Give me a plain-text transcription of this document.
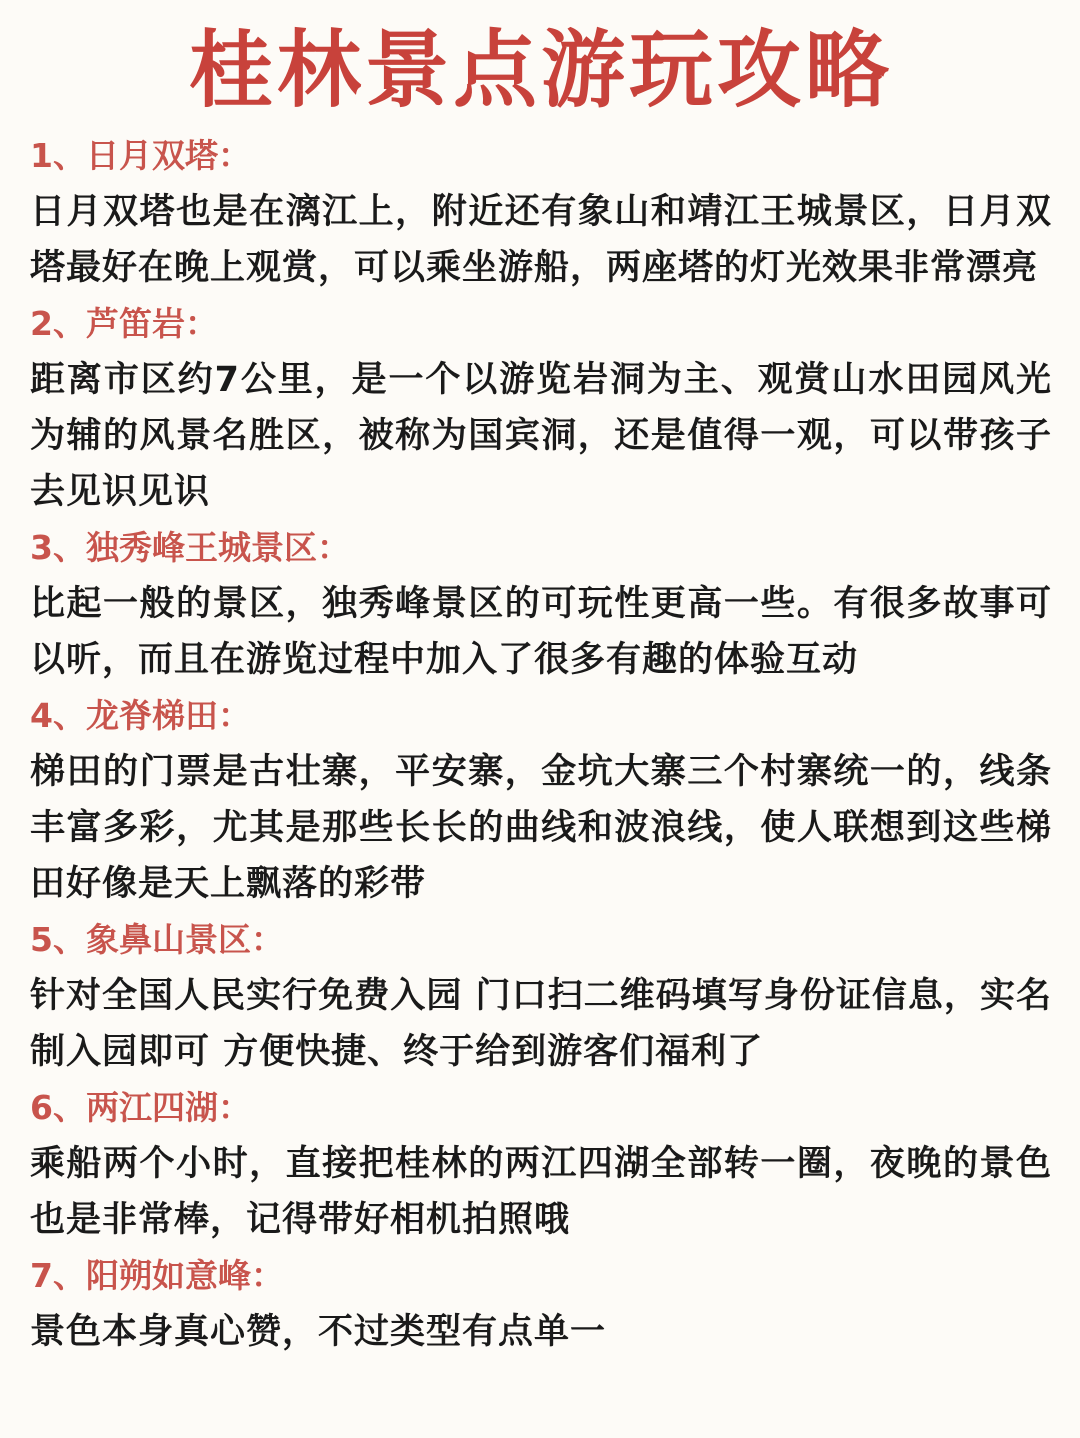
桂林景点游玩攻略
1、日月双塔：

日月双塔也是在漓江上，附近还有象山和靖江王城景区，日月双塔最好在晚上观赏，可以乘坐游船，两座塔的灯光效果非常漂亮

2、芦笛岩：

距离市区约7公里，是一个以游览岩洞为主、观赏山水田园风光为辅的风景名胜区，被称为国宾洞，还是值得一观，可以带孩子去见识见识

3、独秀峰王城景区：

比起一般的景区，独秀峰景区的可玩性更高一些。有很多故事可以听，而且在游览过程中加入了很多有趣的体验互动

4、龙脊梯田：

梯田的门票是古壮寨，平安寨，金坑大寨三个村寨统一的，线条丰富多彩，尤其是那些长长的曲线和波浪线，使人联想到这些梯田好像是天上飘落的彩带

5、象鼻山景区：

针对全国人民实行免费入园 门口扫二维码填写身份证信息，实名制入园即可 方便快捷、终于给到游客们福利了

6、两江四湖：

乘船两个小时，直接把桂林的两江四湖全部转一圈，夜晚的景色也是非常棒，记得带好相机拍照哦

7、阳朔如意峰：

景色本身真心赞，不过类型有点单一
